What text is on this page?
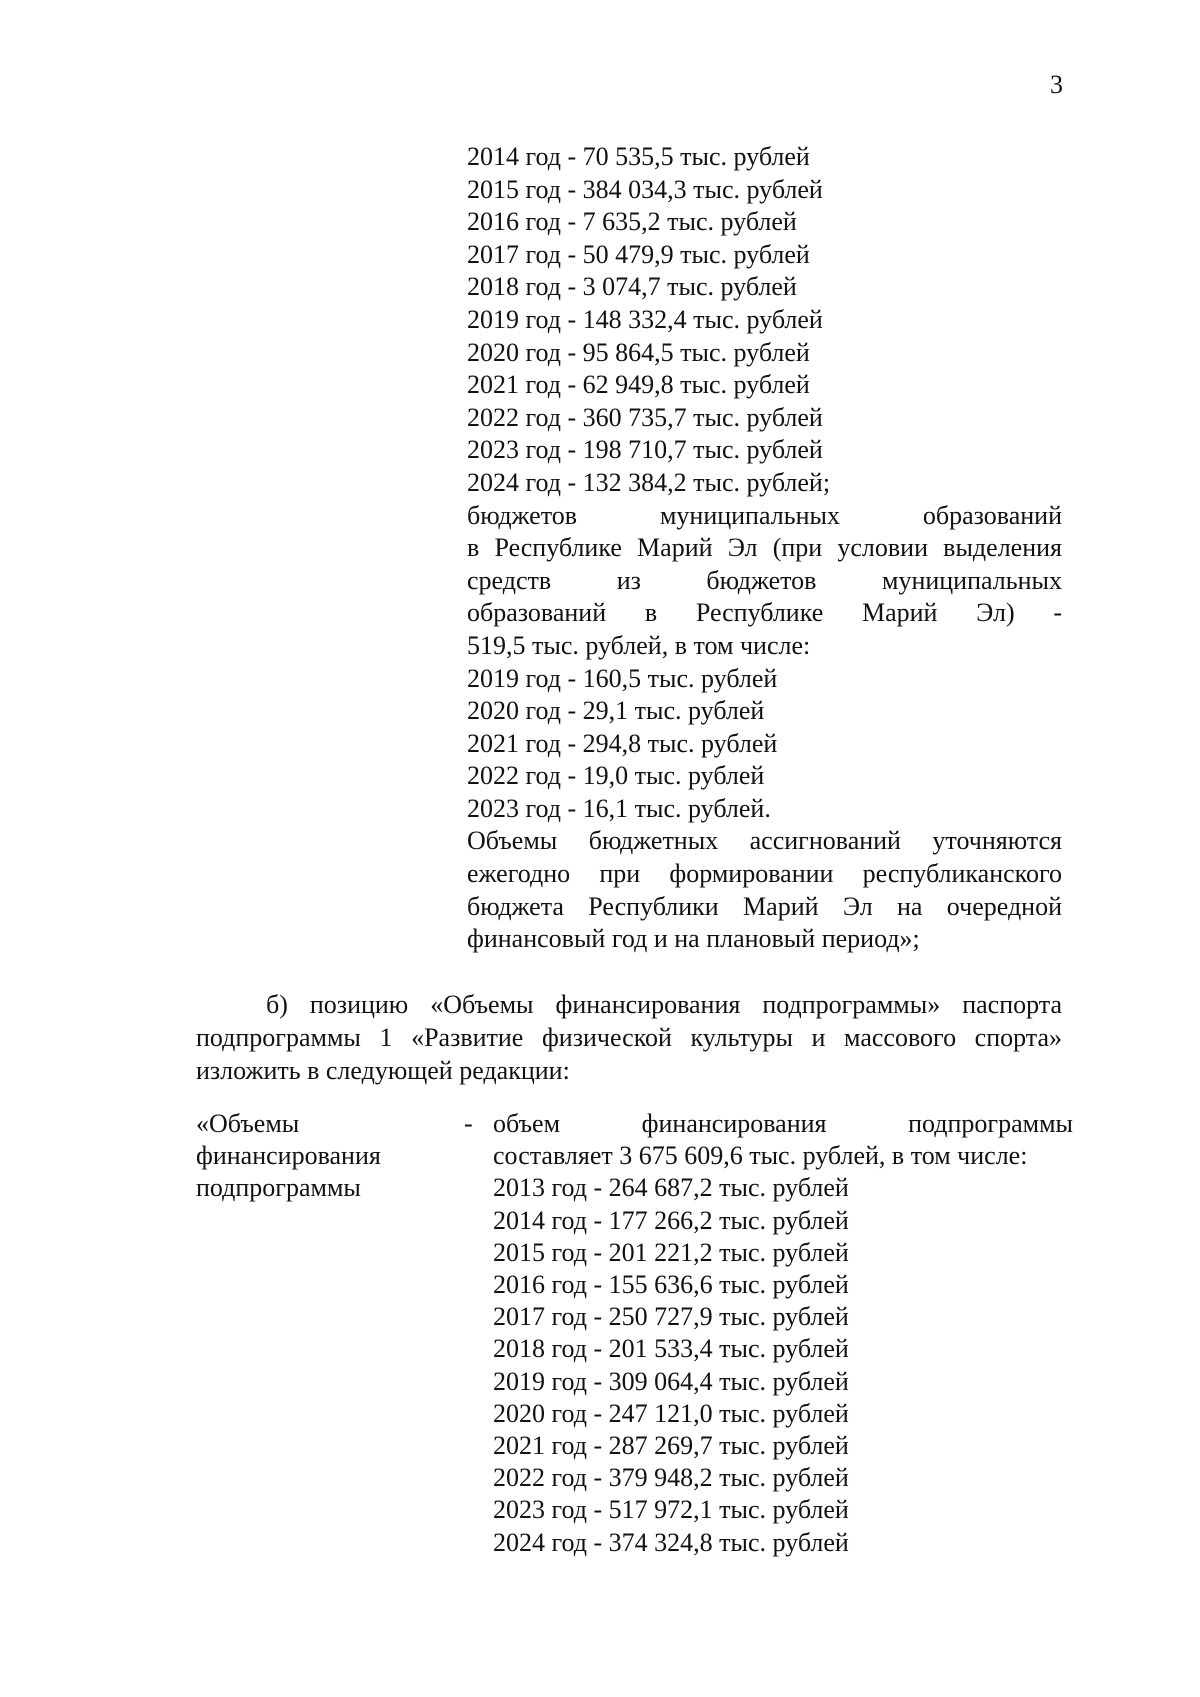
3
2014 год - 70 535,5 тыс. рублей
2015 год - 384 034,3 тыс. рублей
2016 год - 7 635,2 тыс. рублей
2017 год - 50 479,9 тыс. рублей
2018 год - 3 074,7 тыс. рублей
2019 год - 148 332,4 тыс. рублей
2020 год - 95 864,5 тыс. рублей
2021 год - 62 949,8 тыс. рублей
2022 год - 360 735,7 тыс. рублей
2023 год - 198 710,7 тыс. рублей
2024 год - 132 384,2 тыс. рублей;
бюджетов муниципальных образований
в Республике Марий Эл (при условии выделения
средств из бюджетов муниципальных
образований в Республике Марий Эл) -
519,5 тыс. рублей, в том числе:
2019 год - 160,5 тыс. рублей
2020 год - 29,1 тыс. рублей
2021 год - 294,8 тыс. рублей
2022 год - 19,0 тыс. рублей
2023 год - 16,1 тыс. рублей.
Объемы бюджетных ассигнований уточняются
ежегодно при формировании республиканского
бюджета Республики Марий Эл на очередной
финансовый год и на плановый период»;

б) позицию «Объемы финансирования подпрограммы» паспорта подпрограммы 1 «Развитие физической культуры и массового спорта» изложить в следующей редакции:

«Объемы
финансирования
подпрограммы
- объем финансирования подпрограммы
составляет 3 675 609,6 тыс. рублей, в том числе:
2013 год - 264 687,2 тыс. рублей
2014 год - 177 266,2 тыс. рублей
2015 год - 201 221,2 тыс. рублей
2016 год - 155 636,6 тыс. рублей
2017 год - 250 727,9 тыс. рублей
2018 год - 201 533,4 тыс. рублей
2019 год - 309 064,4 тыс. рублей
2020 год - 247 121,0 тыс. рублей
2021 год - 287 269,7 тыс. рублей
2022 год - 379 948,2 тыс. рублей
2023 год - 517 972,1 тыс. рублей
2024 год - 374 324,8 тыс. рублей
